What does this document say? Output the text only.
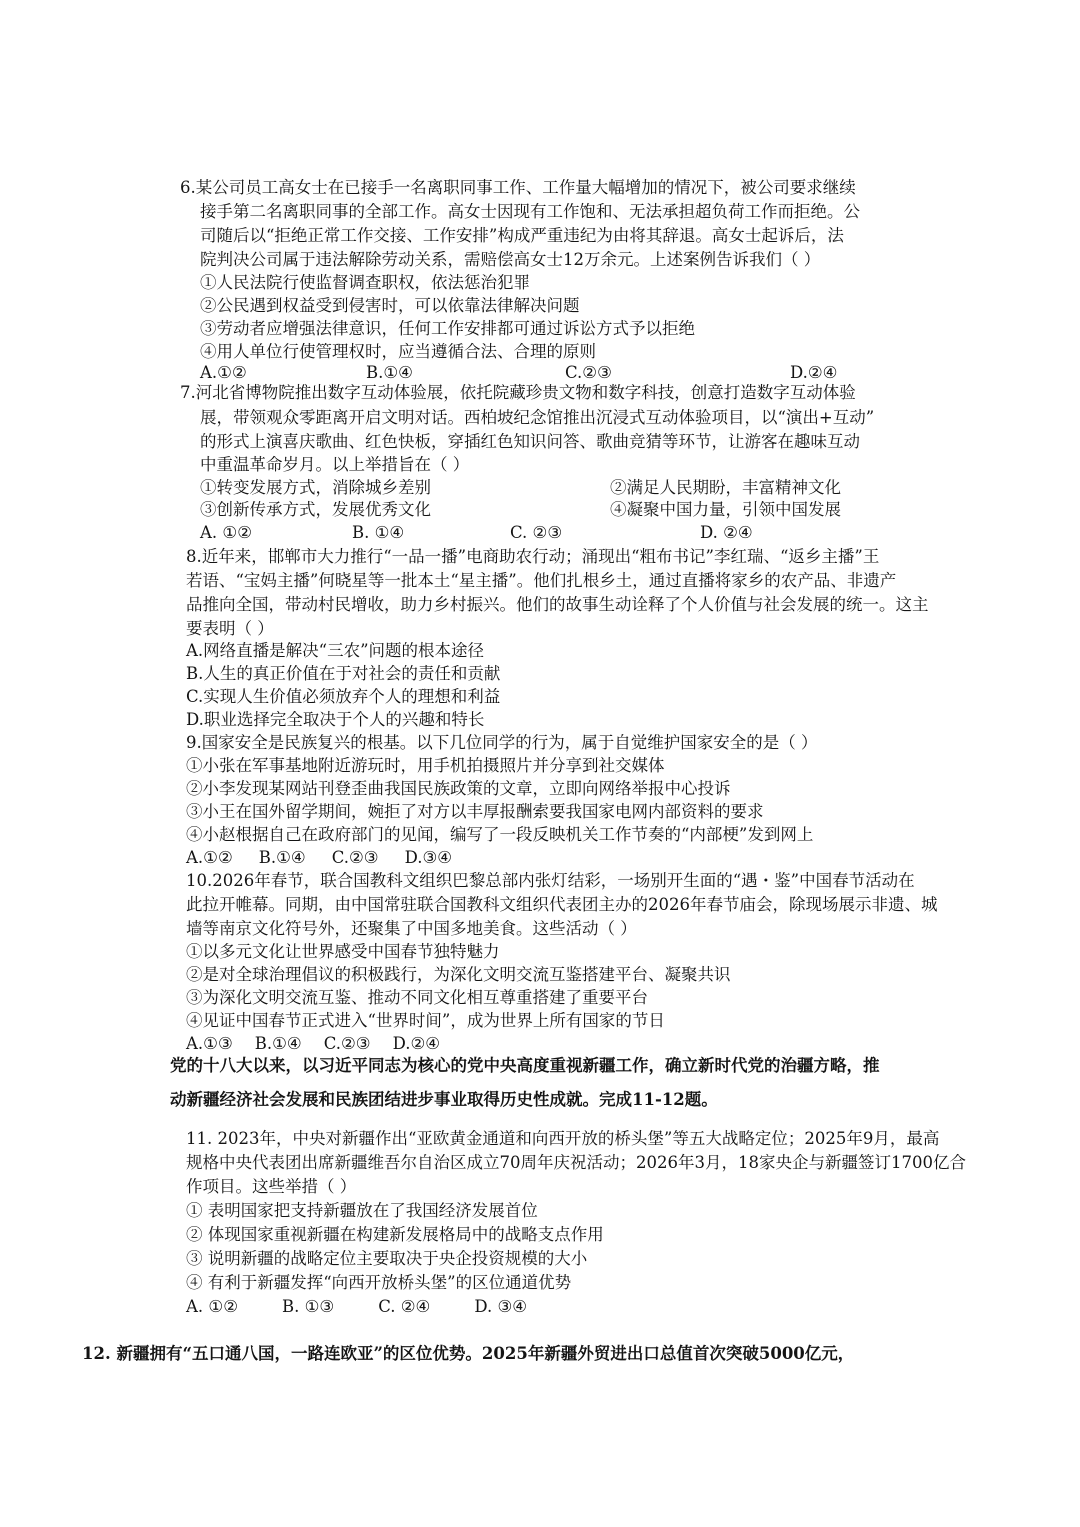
6.某公司员工高女士在已接手一名离职同事工作、工作量大幅增加的情况下，被公司要求继续
接手第二名离职同事的全部工作。高女士因现有工作饱和、无法承担超负荷工作而拒绝。公
司随后以“拒绝正常工作交接、工作安排”构成严重违纪为由将其辞退。高女士起诉后，法
院判决公司属于违法解除劳动关系，需赔偿高女士12万余元。上述案例告诉我们（ ）
①人民法院行使监督调查职权，依法惩治犯罪
②公民遇到权益受到侵害时，可以依靠法律解决问题
③劳动者应增强法律意识，任何工作安排都可通过诉讼方式予以拒绝
④用人单位行使管理权时，应当遵循合法、合理的原则
A.①②	B.①④	C.②③	D.②④
7.河北省博物院推出数字互动体验展，依托院藏珍贵文物和数字科技，创意打造数字互动体验
展，带领观众零距离开启文明对话。西柏坡纪念馆推出沉浸式互动体验项目，以“演出+互动”
的形式上演喜庆歌曲、红色快板，穿插红色知识问答、歌曲竞猜等环节，让游客在趣味互动
中重温革命岁月。以上举措旨在（ ）
①转变发展方式，消除城乡差别	②满足人民期盼，丰富精神文化
③创新传承方式，发展优秀文化	④凝聚中国力量，引领中国发展
A. ①②	B. ①④	C. ②③	D. ②④
8.近年来，邯郸市大力推行“一品一播”电商助农行动；涌现出“粗布书记”李红瑞、“返乡主播”王
若语、“宝妈主播”何晓星等一批本土“星主播”。他们扎根乡土，通过直播将家乡的农产品、非遗产
品推向全国，带动村民增收，助力乡村振兴。他们的故事生动诠释了个人价值与社会发展的统一。这主
要表明（ ）
A.网络直播是解决“三农”问题的根本途径
B.人生的真正价值在于对社会的责任和贡献
C.实现人生价值必须放弃个人的理想和利益
D.职业选择完全取决于个人的兴趣和特长
9.国家安全是民族复兴的根基。以下几位同学的行为，属于自觉维护国家安全的是（ ）
①小张在军事基地附近游玩时，用手机拍摄照片并分享到社交媒体
②小李发现某网站刊登歪曲我国民族政策的文章，立即向网络举报中心投诉
③小王在国外留学期间，婉拒了对方以丰厚报酬索要我国家电网内部资料的要求
④小赵根据自己在政府部门的见闻，编写了一段反映机关工作节奏的“内部梗”发到网上
A.①② B.①④ C.②③ D.③④
10.2026年春节，联合国教科文组织巴黎总部内张灯结彩，一场别开生面的“遇・鉴”中国春节活动在
此拉开帷幕。同期，由中国常驻联合国教科文组织代表团主办的2026年春节庙会，除现场展示非遗、城
墙等南京文化符号外，还聚集了中国多地美食。这些活动（ ）
①以多元文化让世界感受中国春节独特魅力
②是对全球治理倡议的积极践行，为深化文明交流互鉴搭建平台、凝聚共识
③为深化文明交流互鉴、推动不同文化相互尊重搭建了重要平台
④见证中国春节正式进入“世界时间”，成为世界上所有国家的节日
A.①③ B.①④ C.②③ D.②④
党的十八大以来，以习近平同志为核心的党中央高度重视新疆工作，确立新时代党的治疆方略，推
动新疆经济社会发展和民族团结进步事业取得历史性成就。完成11-12题。
11. 2023年，中央对新疆作出“亚欧黄金通道和向西开放的桥头堡”等五大战略定位；2025年9月，最高
规格中央代表团出席新疆维吾尔自治区成立70周年庆祝活动；2026年3月，18家央企与新疆签订1700亿合
作项目。这些举措（ ）
① 表明国家把支持新疆放在了我国经济发展首位
② 体现国家重视新疆在构建新发展格局中的战略支点作用
③ 说明新疆的战略定位主要取决于央企投资规模的大小
④ 有利于新疆发挥“向西开放桥头堡”的区位通道优势
A. ①②	B. ①③	C. ②④	D. ③④
12. 新疆拥有“五口通八国，一路连欧亚”的区位优势。2025年新疆外贸进出口总值首次突破5000亿元，
